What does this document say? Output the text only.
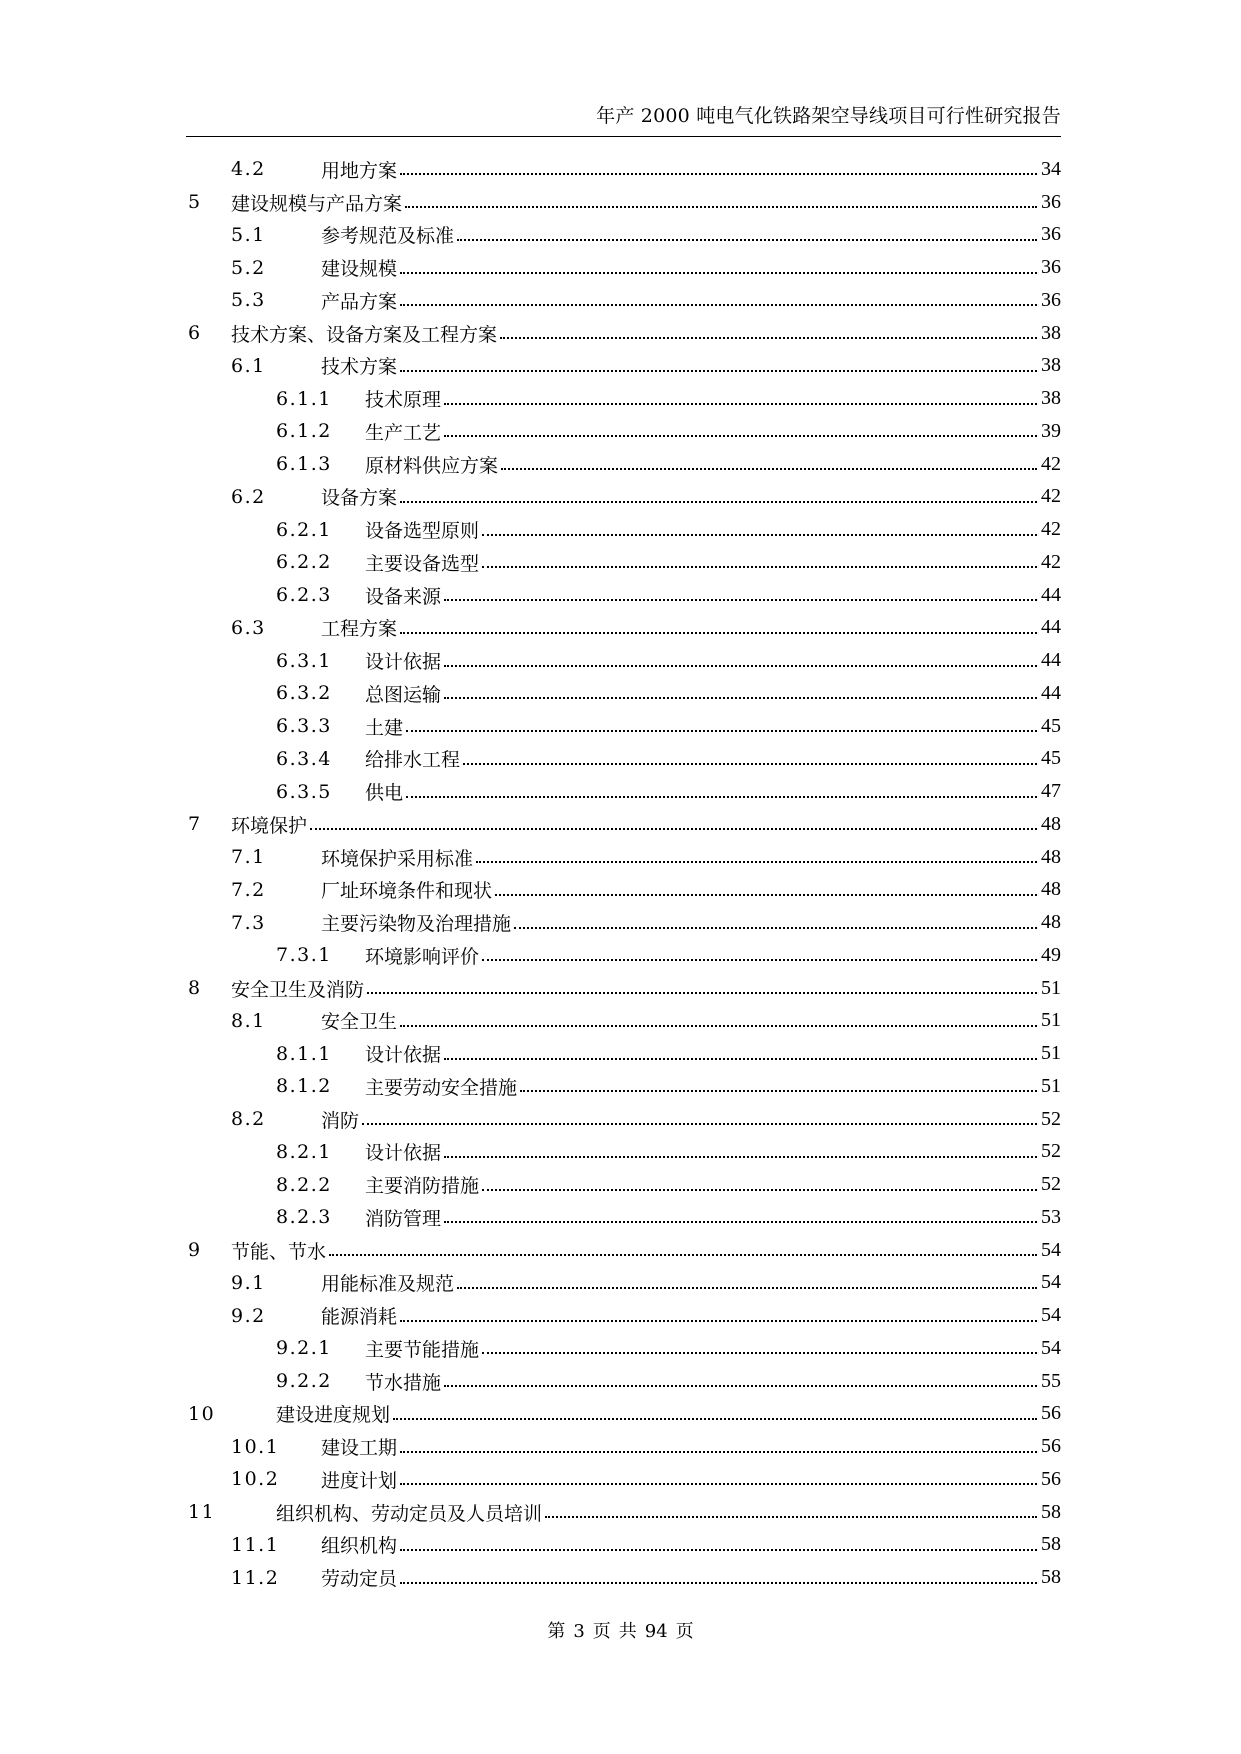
年产 2000 吨电气化铁路架空导线项目可行性研究报告
4.2	用地方案	34
5 建设规模与产品方案	36
5.1	参考规范及标准	36
5.2	建设规模	36
5.3	产品方案	36
6 技术方案、设备方案及工程方案	38
6.1	技术方案	38
6.1.1 技术原理	38
6.1.2 生产工艺	39
6.1.3 原材料供应方案	42
6.2	设备方案	42
6.2.1 设备选型原则	42
6.2.2 主要设备选型	42
6.2.3 设备来源	44
6.3	工程方案	44
6.3.1 设计依据	44
6.3.2 总图运输	44
6.3.3 土建	45
6.3.4 给排水工程	45
6.3.5 供电	47
7 环境保护	48
7.1	环境保护采用标准	48
7.2	厂址环境条件和现状	48
7.3	主要污染物及治理措施	48
7.3.1 环境影响评价	49
8 安全卫生及消防	51
8.1	安全卫生	51
8.1.1 设计依据	51
8.1.2 主要劳动安全措施	51
8.2	消防	52
8.2.1 设计依据	52
8.2.2 主要消防措施	52
8.2.3 消防管理	53
9 节能、节水	54
9.1	用能标准及规范	54
9.2	能源消耗	54
9.2.1 主要节能措施	54
9.2.2 节水措施	55
10	建设进度规划	56
10.1 建设工期	56
10.2 进度计划	56
11	组织机构、劳动定员及人员培训	58
11.1 组织机构	58
11.2 劳动定员	58
第 3 页 共 94 页
